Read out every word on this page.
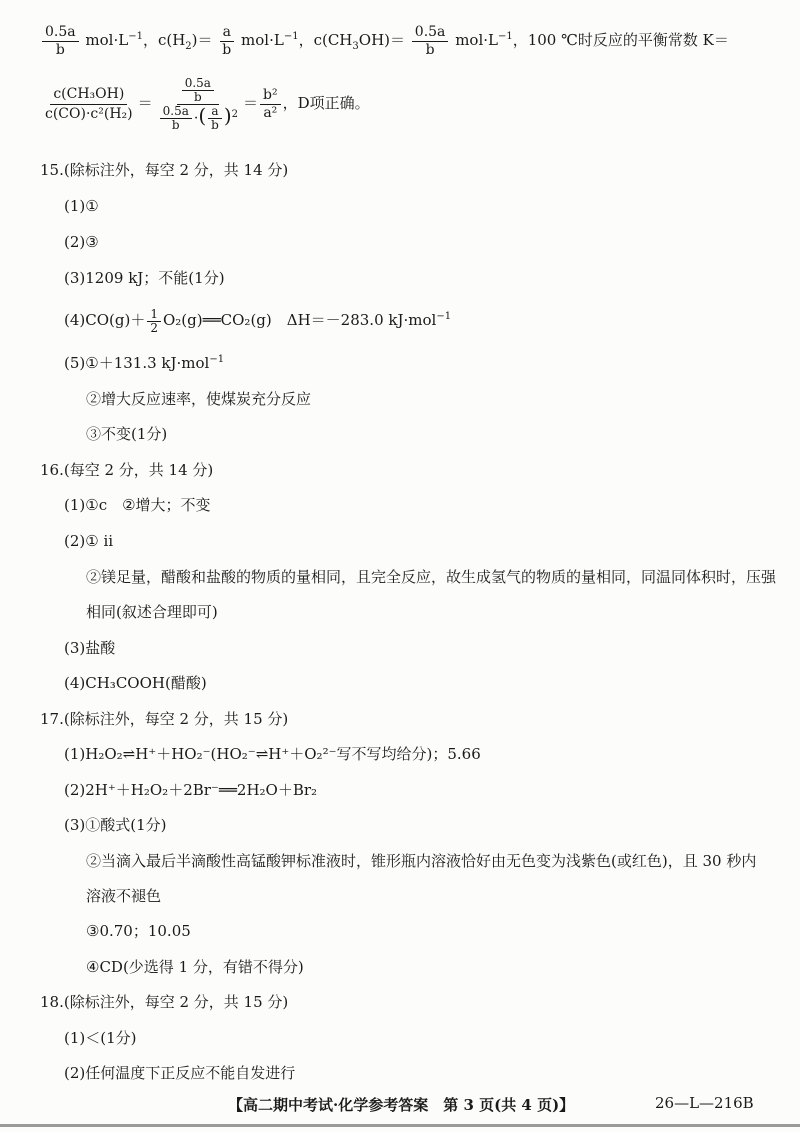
$\frac{0.5a}{b} mol\cdot L^{-1}$，$c(H_2)= \frac{a}{b} mol\cdot L^{-1}$，$c(CH_3OH)= \frac{0.5a}{b} mol\cdot L^{-1}$，100 ℃时反应的平衡常数 K＝
$\frac{\text{c(CH₃OH)}}{\text{c(CO)·c²(H₂)}} = \frac{\frac{0.5a}{b}}{\frac{0.5a}{b} \cdot( \frac{a}{b} )^2} = \frac{\text{b²}}{\text{a²}}$ ，D项正确。
15.(除标注外，每空 2 分，共 14 分)
(1)①
(2)③
(3)1209 kJ；不能(1分)
$(4)CO(g)+ \frac{1}{2}$ O₂(g)══CO₂(g)　ΔH＝－283.0 kJ·mol$^{-1}$
(5)①＋131.3 kJ·mol$^{-1}$
②增大反应速率，使煤炭充分反应
③不变(1分)
16.(每空 2 分，共 14 分)
(1)①c　②增大；不变
(2)① ⅱ
②镁足量，醋酸和盐酸的物质的量相同，且完全反应，故生成氢气的物质的量相同，同温同体积时，压强
相同(叙述合理即可)
(3)盐酸
(4)CH₃COOH(醋酸)
17.(除标注外，每空 2 分，共 15 分)
(1)H₂O₂⇌H⁺＋HO₂⁻(HO₂⁻⇌H⁺＋O₂²⁻写不写均给分)；5.66
(2)2H⁺＋H₂O₂＋2Br⁻══2H₂O＋Br₂
(3)①酸式(1分)
②当滴入最后半滴酸性高锰酸钾标准液时，锥形瓶内溶液恰好由无色变为浅紫色(或红色)，且 30 秒内
溶液不褪色
③0.70；10.05
④CD(少选得 1 分，有错不得分)
18.(除标注外，每空 2 分，共 15 分)
(1)＜(1分)
(2)任何温度下正反应不能自发进行
【高二期中考试·化学参考答案　第 3 页(共 4 页)】	26—L—216B
